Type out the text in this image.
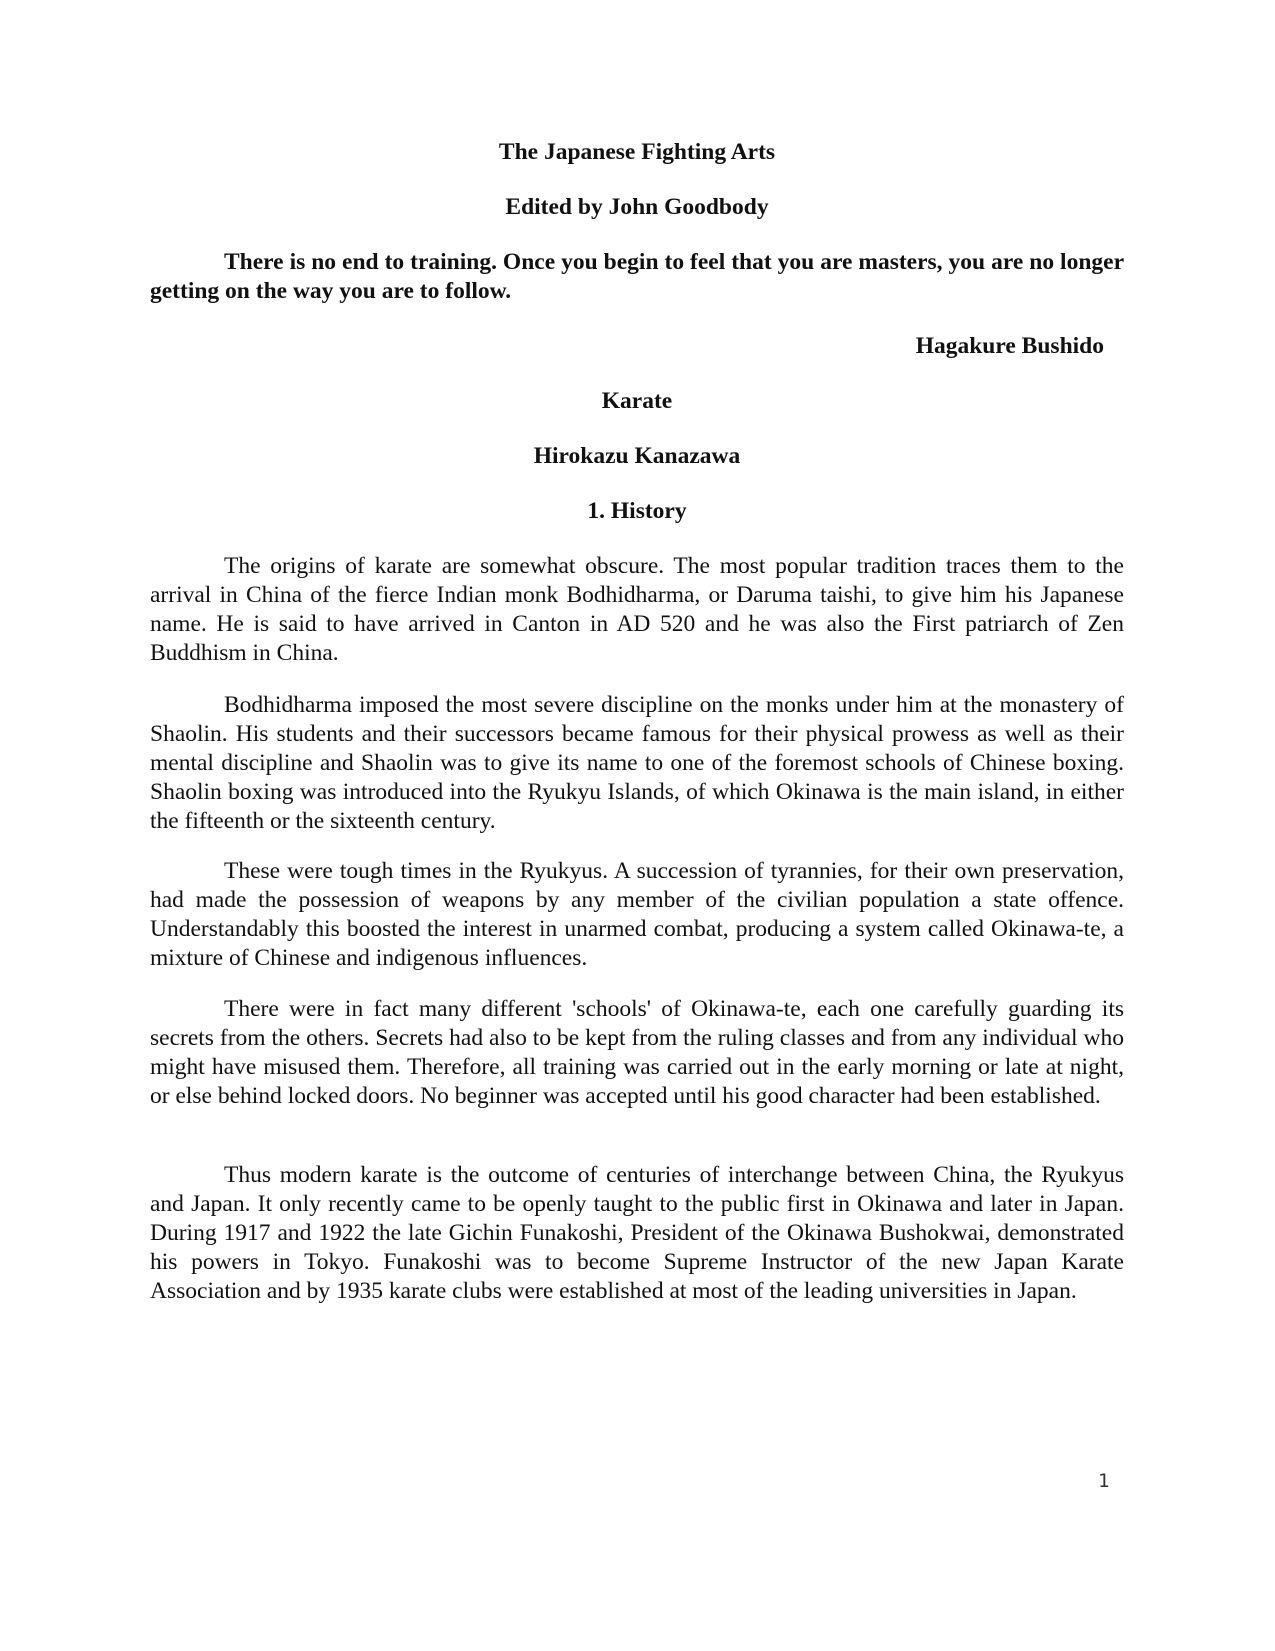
The Japanese Fighting Arts
Edited by John Goodbody
There is no end to training. Once you begin to feel that you are masters, you are no longer getting on the way you are to follow.
Hagakure Bushido
Karate
Hirokazu Kanazawa
1. History
The origins of karate are somewhat obscure. The most popular tradition traces them to the arrival in China of the fierce Indian monk Bodhidharma, or Daruma taishi, to give him his Japanese name. He is said to have arrived in Canton in AD 520 and he was also the First patriarch of Zen Buddhism in China.
Bodhidharma imposed the most severe discipline on the monks under him at the monastery of Shaolin. His students and their successors became famous for their physical prowess as well as their mental discipline and Shaolin was to give its name to one of the foremost schools of Chinese boxing. Shaolin boxing was introduced into the Ryukyu Islands, of which Okinawa is the main island, in either the fifteenth or the sixteenth century.
These were tough times in the Ryukyus. A succession of tyrannies, for their own preservation, had made the possession of weapons by any member of the civilian population a state offence. Understandably this boosted the interest in unarmed combat, producing a system called Okinawa-te, a mixture of Chinese and indigenous influences.
There were in fact many different 'schools' of Okinawa-te, each one carefully guarding its secrets from the others. Secrets had also to be kept from the ruling classes and from any individual who might have misused them. Therefore, all training was carried out in the early morning or late at night, or else behind locked doors. No beginner was accepted until his good character had been established.
Thus modern karate is the outcome of centuries of interchange between China, the Ryukyus and Japan. It only recently came to be openly taught to the public first in Okinawa and later in Japan. During 1917 and 1922 the late Gichin Funakoshi, President of the Okinawa Bushokwai, demonstrated his powers in Tokyo. Funakoshi was to become Supreme Instructor of the new Japan Karate Association and by 1935 karate clubs were established at most of the leading universities in Japan.
1
